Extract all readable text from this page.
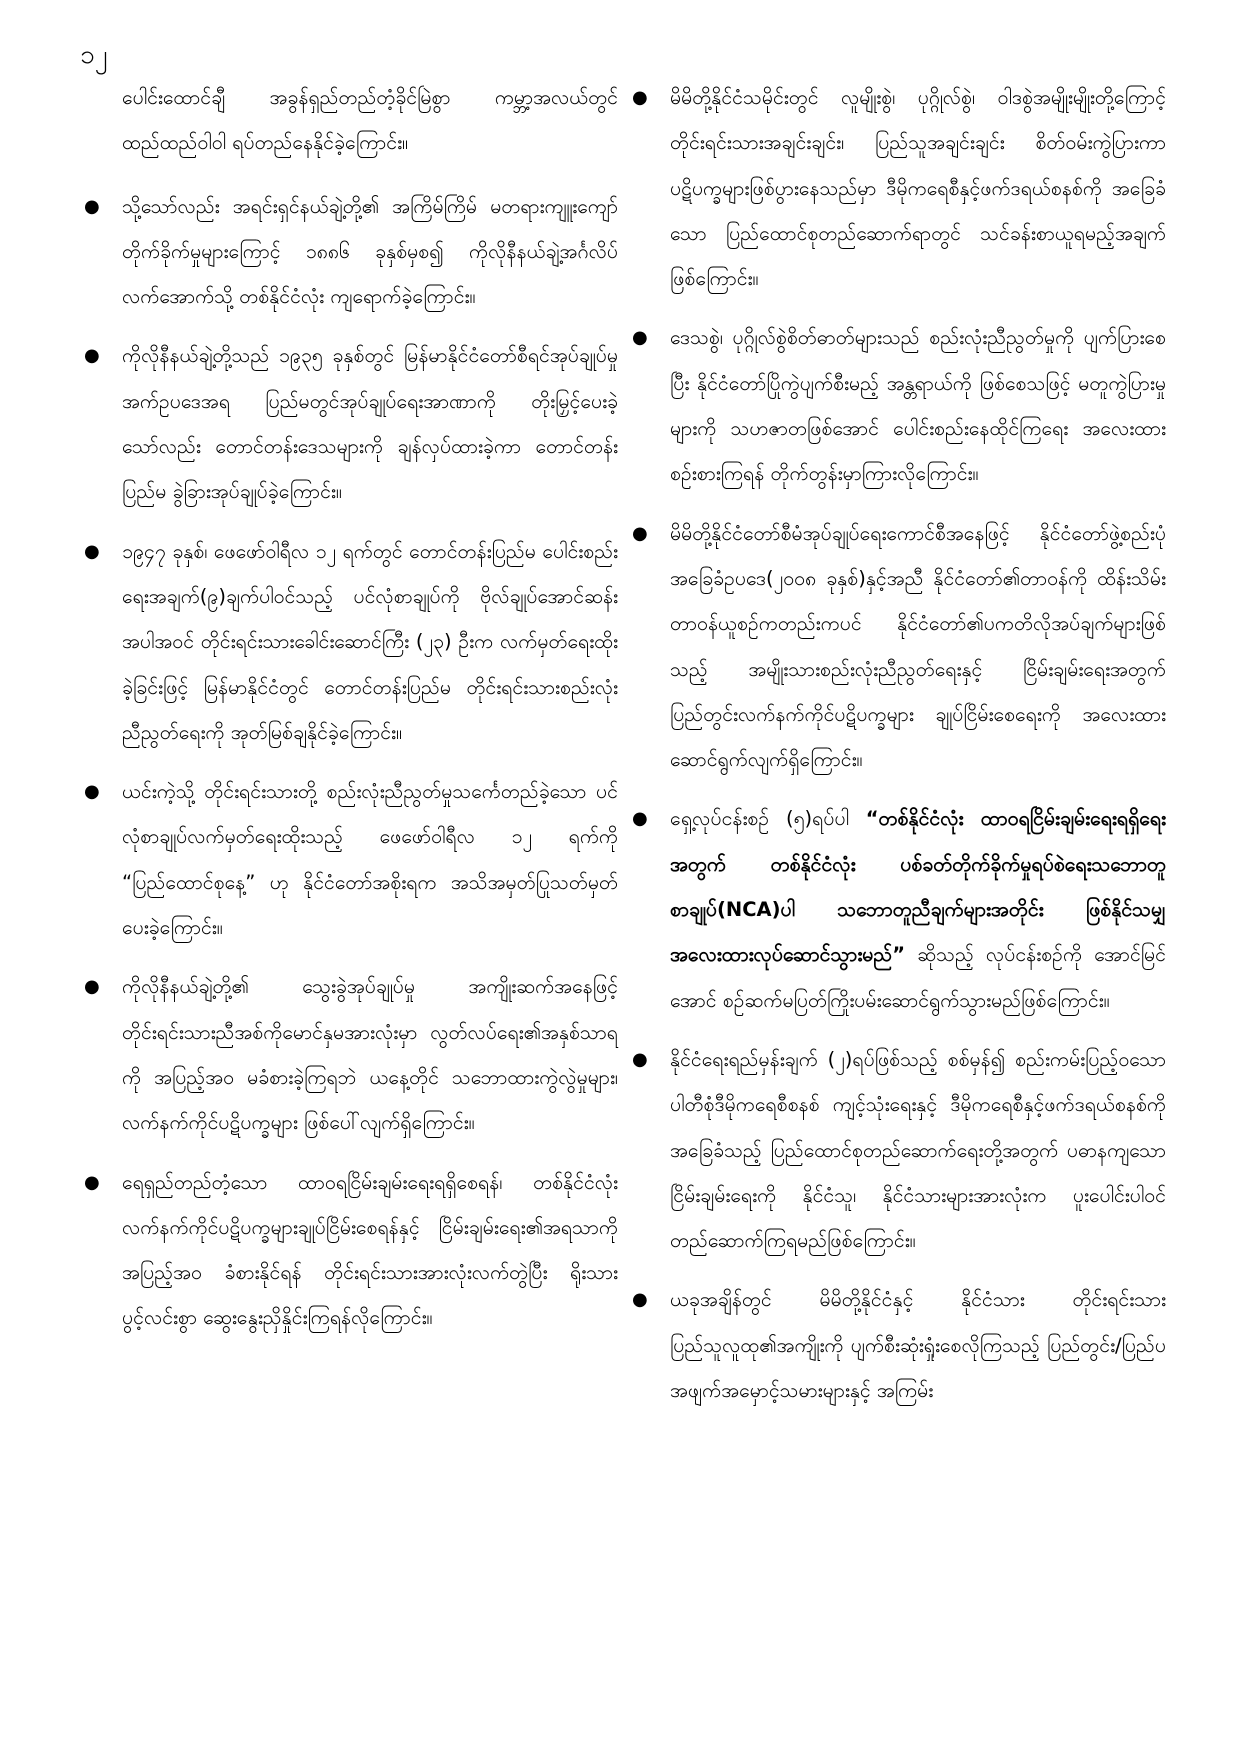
၁၂

ပေါင်းထောင်ချီ အခွန်ရှည်တည်တံ့ခိုင်မြဲစွာ ကမ္ဘာ့အလယ်တွင် ထည်ထည်ဝါဝါ ရပ်တည်နေနိုင်ခဲ့ကြောင်း။

● သို့သော်လည်း အရင်းရှင်နယ်ချဲ့တို့၏ အကြိမ်ကြိမ် မတရားကျူးကျော်တိုက်ခိုက်မှုများကြောင့် ၁၈၈၆ ခုနှစ်မှစ၍ ကိုလိုနီနယ်ချဲ့အင်္ဂလိပ်လက်အောက်သို့ တစ်နိုင်ငံလုံး ကျရောက်ခဲ့ကြောင်း။

● ကိုလိုနီနယ်ချဲ့တို့သည် ၁၉၃၅ ခုနှစ်တွင် မြန်မာနိုင်ငံတော်စီရင်အုပ်ချုပ်မှုအက်ဥပဒေအရ ပြည်မတွင်အုပ်ချုပ်ရေးအာဏာကို တိုးမြှင့်ပေးခဲ့သော်လည်း တောင်တန်းဒေသများကို ချန်လှပ်ထားခဲ့ကာ တောင်တန်းပြည်မ ခွဲခြားအုပ်ချုပ်ခဲ့ကြောင်း။

● ၁၉၄၇ ခုနှစ်၊ ဖေဖော်ဝါရီလ ၁၂ ရက်တွင် တောင်တန်းပြည်မ ပေါင်းစည်းရေးအချက်(၉)ချက်ပါဝင်သည့် ပင်လုံစာချုပ်ကို ဗိုလ်ချုပ်အောင်ဆန်းအပါအဝင် တိုင်းရင်းသားခေါင်းဆောင်ကြီး (၂၃) ဦးက လက်မှတ်ရေးထိုးခဲ့ခြင်းဖြင့် မြန်မာနိုင်ငံတွင် တောင်တန်းပြည်မ တိုင်းရင်းသားစည်းလုံးညီညွတ်ရေးကို အုတ်မြစ်ချနိုင်ခဲ့ကြောင်း။

● ယင်းကဲ့သို့ တိုင်းရင်းသားတို့ စည်းလုံးညီညွတ်မှုသင်္ကေတည်ခဲ့သော ပင်လုံစာချုပ်လက်မှတ်ရေးထိုးသည့် ဖေဖော်ဝါရီလ ၁၂ ရက်ကို “ပြည်ထောင်စုနေ့” ဟု နိုင်ငံတော်အစိုးရက အသိအမှတ်ပြုသတ်မှတ်ပေးခဲ့ကြောင်း။

● ကိုလိုနီနယ်ချဲ့တို့၏ သွေးခွဲအုပ်ချုပ်မှု အကျိုးဆက်အနေဖြင့် တိုင်းရင်းသားညီအစ်ကိုမောင်နှမအားလုံးမှာ လွတ်လပ်ရေး၏အနှစ်သာရကို အပြည့်အဝ မခံစားခဲ့ကြရဘဲ ယနေ့တိုင် သဘောထားကွဲလွဲမှုများ၊ လက်နက်ကိုင်ပဋိပက္ခများ ဖြစ်ပေါ်လျက်ရှိကြောင်း။

● ရေရှည်တည်တံ့သော ထာဝရငြိမ်းချမ်းရေးရရှိစေရန်၊ တစ်နိုင်ငံလုံး လက်နက်ကိုင်ပဋိပက္ခများချုပ်ငြိမ်းစေရန်နှင့် ငြိမ်းချမ်းရေး၏အရသာကို အပြည့်အဝ ခံစားနိုင်ရန် တိုင်းရင်းသားအားလုံးလက်တွဲပြီး ရိုးသားပွင့်လင်းစွာ ဆွေးနွေးညှိနှိုင်းကြရန်လိုကြောင်း။

● မိမိတို့နိုင်ငံသမိုင်းတွင် လူမျိုးစွဲ၊ ပုဂ္ဂိုလ်စွဲ၊ ဝါဒစွဲအမျိုးမျိုးတို့ကြောင့် တိုင်းရင်းသားအချင်းချင်း၊ ပြည်သူအချင်းချင်း စိတ်ဝမ်းကွဲပြားကာ ပဋိပက္ခများဖြစ်ပွားနေသည်မှာ ဒီမိုကရေစီနှင့်ဖက်ဒရယ်စနစ်ကို အခြေခံသော ပြည်ထောင်စုတည်ဆောက်ရာတွင် သင်ခန်းစာယူရမည့်အချက်ဖြစ်ကြောင်း။

● ဒေသစွဲ၊ ပုဂ္ဂိုလ်စွဲစိတ်ဓာတ်များသည် စည်းလုံးညီညွတ်မှုကို ပျက်ပြားစေပြီး နိုင်ငံတော်ပြိုကွဲပျက်စီးမည့် အန္တရာယ်ကို ဖြစ်စေသဖြင့် မတူကွဲပြားမှုများကို သဟဇာတဖြစ်အောင် ပေါင်းစည်းနေထိုင်ကြရေး အလေးထားစဉ်းစားကြရန် တိုက်တွန်းမှာကြားလိုကြောင်း။

● မိမိတို့နိုင်ငံတော်စီမံအုပ်ချုပ်ရေးကောင်စီအနေဖြင့် နိုင်ငံတော်ဖွဲ့စည်းပုံအခြေခံဥပဒေ(၂၀၀၈ ခုနှစ်)နှင့်အညီ နိုင်ငံတော်၏တာဝန်ကို ထိန်းသိမ်းတာဝန်ယူစဉ်ကတည်းကပင် နိုင်ငံတော်၏ပကတိလိုအပ်ချက်များဖြစ်သည့် အမျိုးသားစည်းလုံးညီညွတ်ရေးနှင့် ငြိမ်းချမ်းရေးအတွက် ပြည်တွင်းလက်နက်ကိုင်ပဋိပက္ခများ ချုပ်ငြိမ်းစေရေးကို အလေးထားဆောင်ရွက်လျက်ရှိကြောင်း။

● ရှေ့လုပ်ငန်းစဉ် (၅)ရပ်ပါ “တစ်နိုင်ငံလုံး ထာဝရငြိမ်းချမ်းရေးရရှိရေးအတွက် တစ်နိုင်ငံလုံး ပစ်ခတ်တိုက်ခိုက်မှုရပ်စဲရေးသဘောတူစာချုပ်(NCA)ပါ သဘောတူညီချက်များအတိုင်း ဖြစ်နိုင်သမျှ အလေးထားလုပ်ဆောင်သွားမည်” ဆိုသည့် လုပ်ငန်းစဉ်ကို အောင်မြင်အောင် စဉ်ဆက်မပြတ်ကြိုးပမ်းဆောင်ရွက်သွားမည်ဖြစ်ကြောင်း။

● နိုင်ငံရေးရည်မှန်းချက် (၂)ရပ်ဖြစ်သည့် စစ်မှန်၍ စည်းကမ်းပြည့်ဝသော ပါတီစုံဒီမိုကရေစီစနစ် ကျင့်သုံးရေးနှင့် ဒီမိုကရေစီနှင့်ဖက်ဒရယ်စနစ်ကို အခြေခံသည့် ပြည်ထောင်စုတည်ဆောက်ရေးတို့အတွက် ပဓာနကျသော ငြိမ်းချမ်းရေးကို နိုင်ငံသူ၊ နိုင်ငံသားများအားလုံးက ပူးပေါင်းပါဝင်တည်ဆောက်ကြရမည်ဖြစ်ကြောင်း။

● ယခုအချိန်တွင် မိမိတို့နိုင်ငံနှင့် နိုင်ငံသား တိုင်းရင်းသားပြည်သူလူထု၏အကျိုးကို ပျက်စီးဆုံးရှုံးစေလိုကြသည့် ပြည်တွင်း/ပြည်ပ အဖျက်အမှောင့်သမားများနှင့် အကြမ်း
